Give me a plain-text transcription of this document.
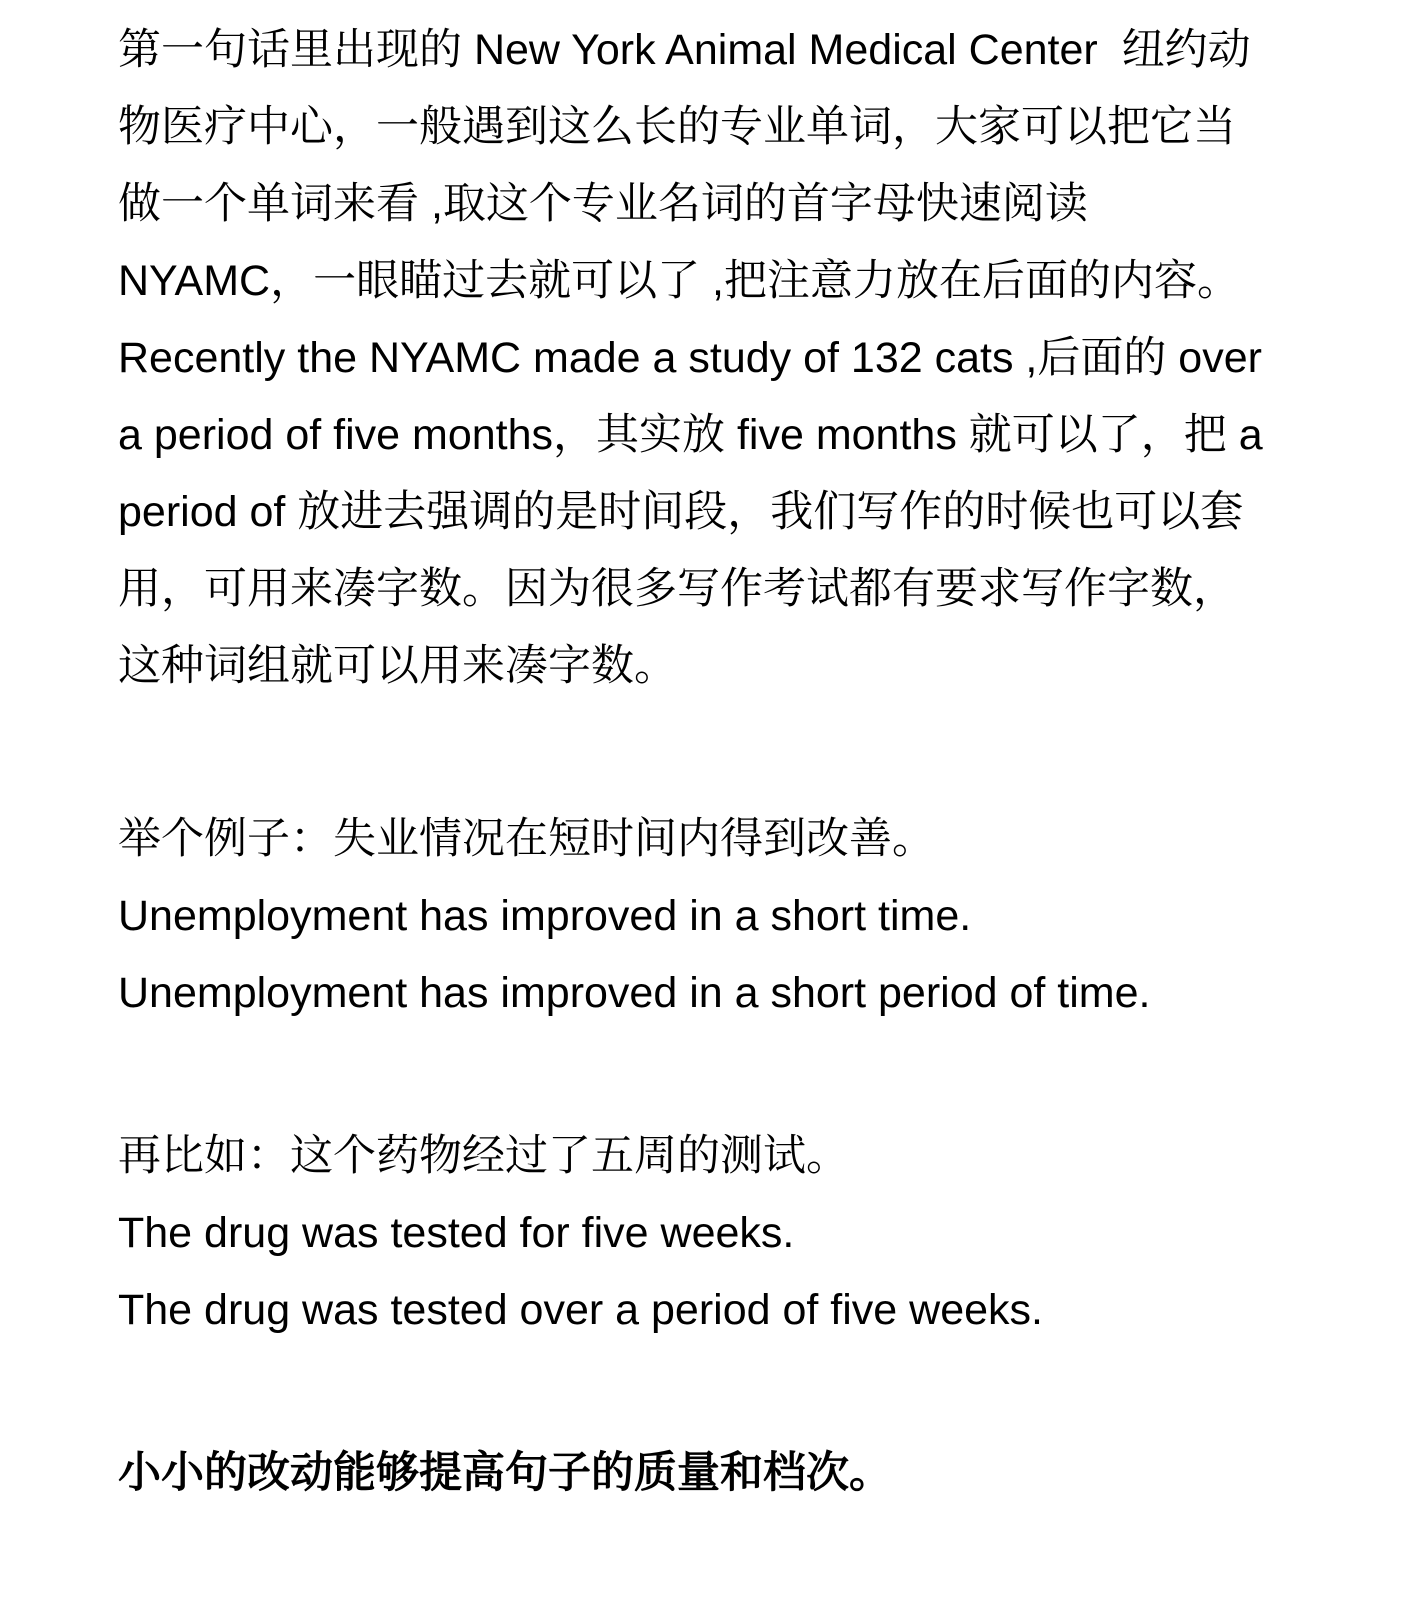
第一句话里出现的 New York Animal Medical Center  纽约动物医疗中心，一般遇到这么长的专业单词，大家可以把它当做一个单词来看 ,取这个专业名词的首字母快速阅读 NYAMC，一眼瞄过去就可以了 ,把注意力放在后面的内容。Recently the NYAMC made a study of 132 cats ,后面的 over a period of five months，其实放 five months 就可以了，把 a period of 放进去强调的是时间段，我们写作的时候也可以套用，可用来凑字数。因为很多写作考试都有要求写作字数，这种词组就可以用来凑字数。

举个例子：失业情况在短时间内得到改善。

Unemployment has improved in a short time.

Unemployment has improved in a short period of time.

再比如：这个药物经过了五周的测试。

The drug was tested for five weeks.

The drug was tested over a period of five weeks.

小小的改动能够提高句子的质量和档次。
